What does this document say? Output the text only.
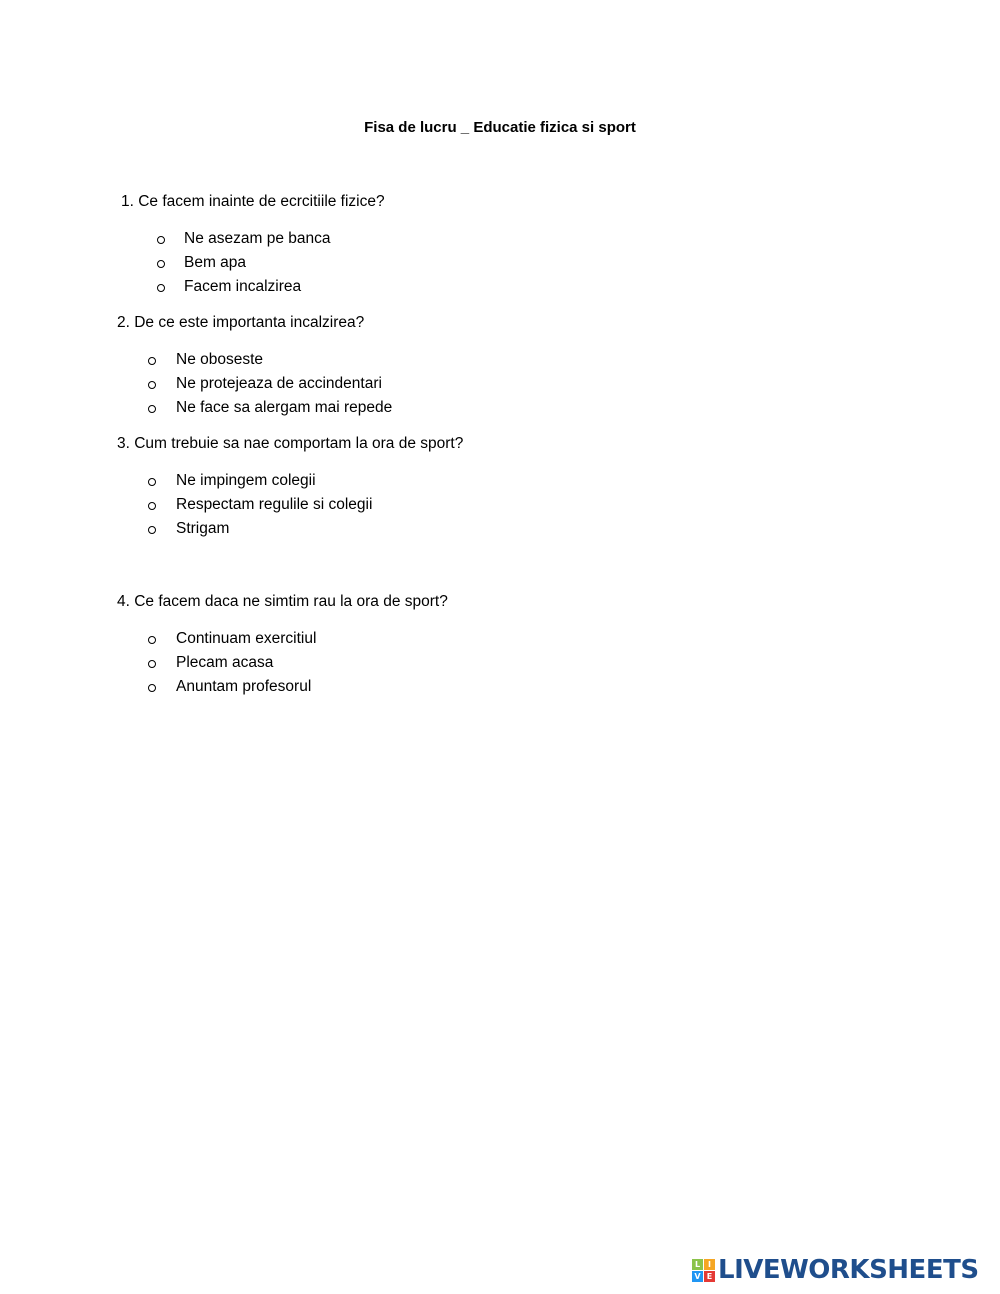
Fisa de lucru _ Educatie fizica si sport
1. Ce facem inainte de ecrcitiile fizice?
Ne asezam pe banca
Bem apa
Facem incalzirea
2. De ce este importanta incalzirea?
Ne oboseste
Ne protejeaza de accindentari
Ne face sa alergam mai repede
3. Cum trebuie sa nae comportam la ora de sport?
Ne impingem colegii
Respectam regulile si colegii
Strigam
4. Ce facem daca ne simtim rau la ora de sport?
Continuam exercitiul
Plecam acasa
Anuntam profesorul
L I
V E LIVEWORKSHEETS
